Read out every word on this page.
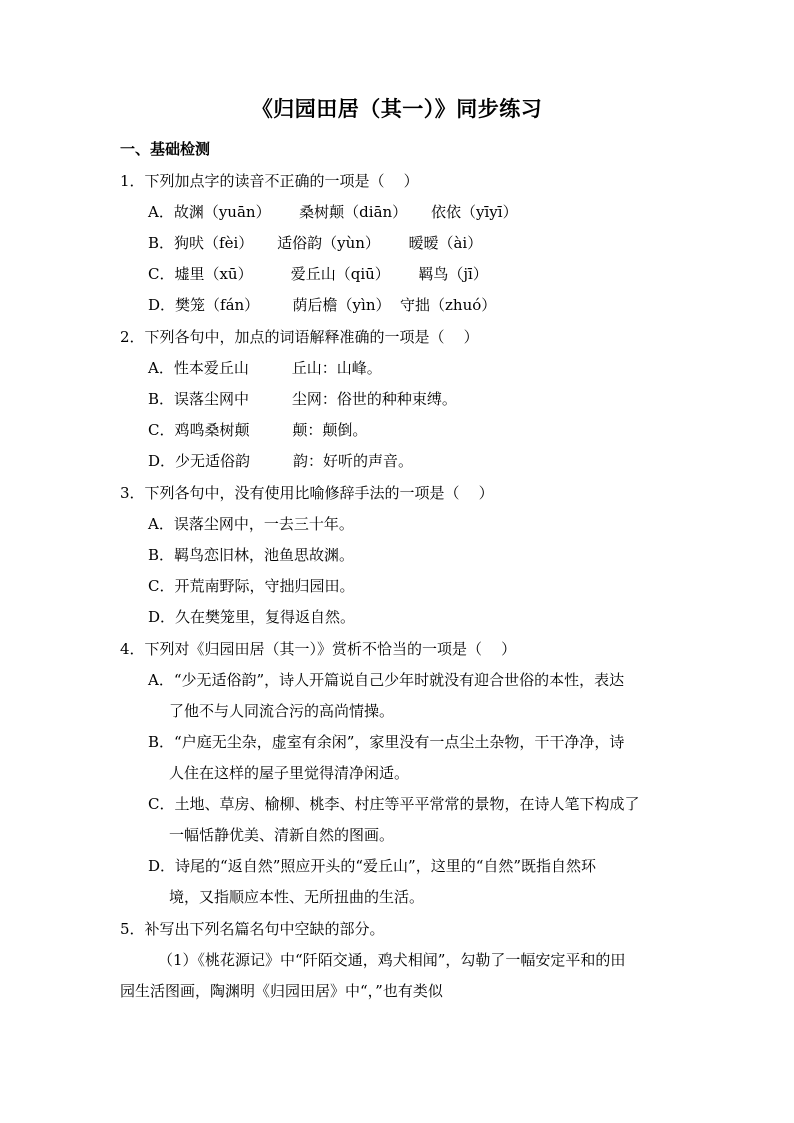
《归园田居（其一）》同步练习
一、基础检测
1．下列加点字的读音不正确的一项是（    ）
A．故渊（yuān）      桑树颠（diān）     依依（yīyī）
B．狗吠（fèi）     适俗韵（yùn）      暧暧（ài）
C．墟里（xū）        爱丘山（qiū）      羁鸟（jī）
D．樊笼（fán）       荫后檐（yìn）  守拙（zhuó）
2．下列各句中，加点的词语解释准确的一项是（    ）
A．性本爱丘山         丘山：山峰。
B．误落尘网中         尘网：俗世的种种束缚。
C．鸡鸣桑树颠         颠：颠倒。
D．少无适俗韵         韵：好听的声音。
3．下列各句中，没有使用比喻修辞手法的一项是（    ）
A．误落尘网中，一去三十年。
B．羁鸟恋旧林，池鱼思故渊。
C．开荒南野际，守拙归园田。
D．久在樊笼里，复得返自然。
4．下列对《归园田居（其一）》赏析不恰当的一项是（    ）
A．“少无适俗韵”，诗人开篇说自己少年时就没有迎合世俗的本性，表达
了他不与人同流合污的高尚情操。
B．“户庭无尘杂，虚室有余闲”，家里没有一点尘土杂物，干干净净，诗
人住在这样的屋子里觉得清净闲适。
C．土地、草房、榆柳、桃李、村庄等平平常常的景物，在诗人笔下构成了
一幅恬静优美、清新自然的图画。
D．诗尾的“返自然”照应开头的“爱丘山”，这里的“自然”既指自然环
境，又指顺应本性、无所扭曲的生活。
5．补写出下列名篇名句中空缺的部分。
（1）《桃花源记》中“阡陌交通，鸡犬相闻”，勾勒了一幅安定平和的田
园生活图画，陶渊明《归园田居》中“，”也有类似
